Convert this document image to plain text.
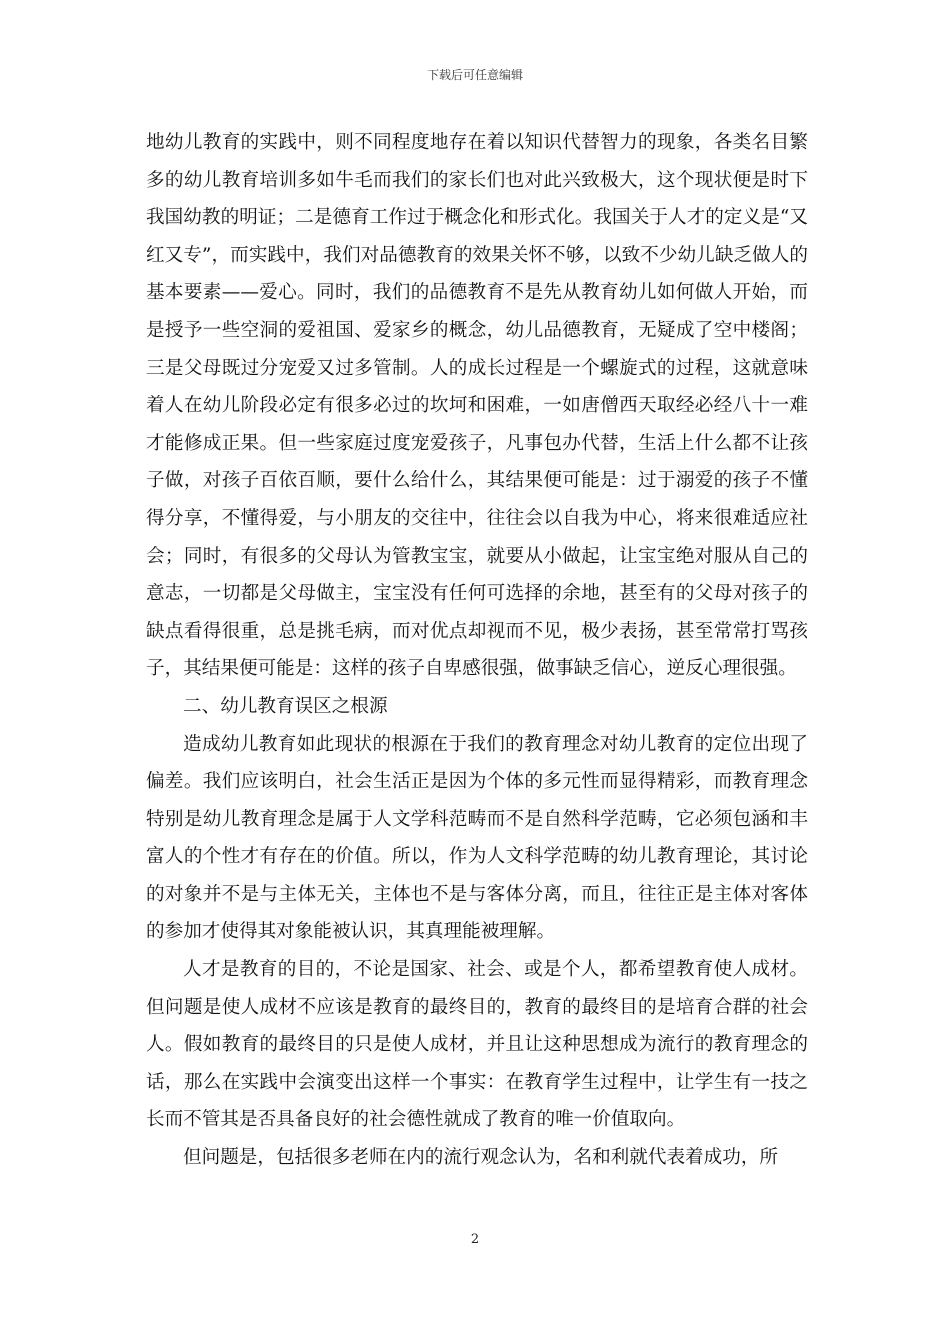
下载后可任意编辑

地幼儿教育的实践中，则不同程度地存在着以知识代替智力的现象，各类名目繁多的幼儿教育培训多如牛毛而我们的家长们也对此兴致极大，这个现状便是时下我国幼教的明证；二是德育工作过于概念化和形式化。我国关于人才的定义是“又红又专”，而实践中，我们对品德教育的效果关怀不够，以致不少幼儿缺乏做人的基本要素——爱心。同时，我们的品德教育不是先从教育幼儿如何做人开始，而是授予一些空洞的爱祖国、爱家乡的概念，幼儿品德教育，无疑成了空中楼阁；三是父母既过分宠爱又过多管制。人的成长过程是一个螺旋式的过程，这就意味着人在幼儿阶段必定有很多必过的坎坷和困难，一如唐僧西天取经必经八十一难才能修成正果。但一些家庭过度宠爱孩子，凡事包办代替，生活上什么都不让孩子做，对孩子百依百顺，要什么给什么，其结果便可能是：过于溺爱的孩子不懂得分享，不懂得爱，与小朋友的交往中，往往会以自我为中心，将来很难适应社会；同时，有很多的父母认为管教宝宝，就要从小做起，让宝宝绝对服从自己的意志，一切都是父母做主，宝宝没有任何可选择的余地，甚至有的父母对孩子的缺点看得很重，总是挑毛病，而对优点却视而不见，极少表扬，甚至常常打骂孩子，其结果便可能是：这样的孩子自卑感很强，做事缺乏信心，逆反心理很强。

二、幼儿教育误区之根源

造成幼儿教育如此现状的根源在于我们的教育理念对幼儿教育的定位出现了偏差。我们应该明白，社会生活正是因为个体的多元性而显得精彩，而教育理念特别是幼儿教育理念是属于人文学科范畴而不是自然科学范畴，它必须包涵和丰富人的个性才有存在的价值。所以，作为人文科学范畴的幼儿教育理论，其讨论的对象并不是与主体无关，主体也不是与客体分离，而且，往往正是主体对客体的参加才使得其对象能被认识，其真理能被理解。

人才是教育的目的，不论是国家、社会、或是个人，都希望教育使人成材。但问题是使人成材不应该是教育的最终目的，教育的最终目的是培育合群的社会人。假如教育的最终目的只是使人成材，并且让这种思想成为流行的教育理念的话，那么在实践中会演变出这样一个事实：在教育学生过程中，让学生有一技之长而不管其是否具备良好的社会德性就成了教育的唯一价值取向。

但问题是，包括很多老师在内的流行观念认为，名和利就代表着成功，所

2
